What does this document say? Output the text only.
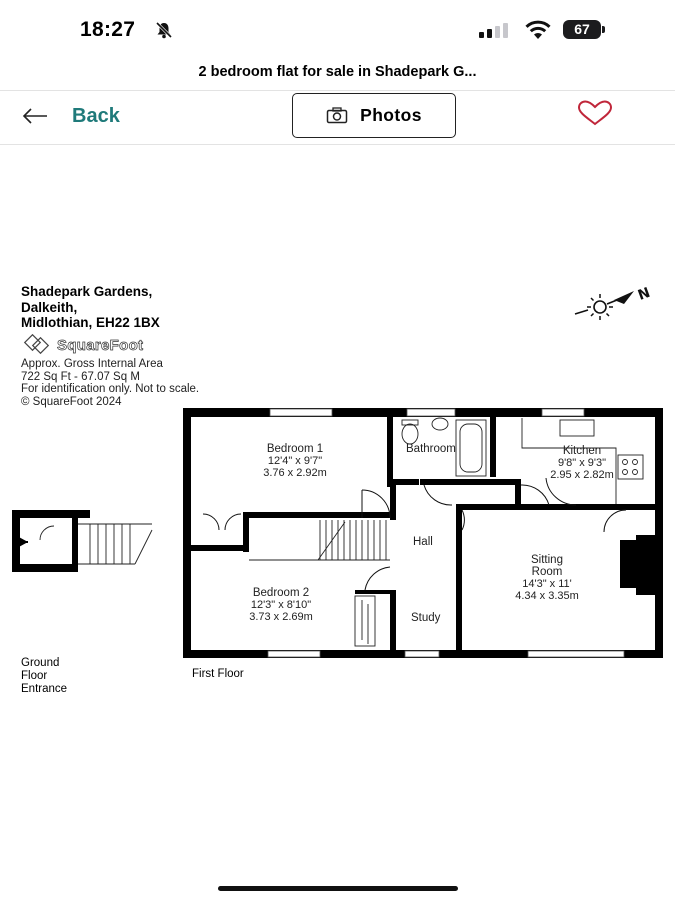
18:27	67
2 bedroom flat for sale in Shadepark G...
Back	Photos
Shadepark Gardens,
Dalkeith,
Midlothian, EH22 1BX
SquareFoot
Approx. Gross Internal Area
722 Sq Ft - 67.07 Sq M
For identification only. Not to scale.
© SquareFoot 2024
N
Bedroom 1
12'4" x 9'7"
3.76 x 2.92m
Kitchen
9'8" x 9'3"
2.95 x 2.82m
Bedroom 2
12'3" x 8'10"
3.73 x 2.69m
Sitting
Room
14'3" x 11'
4.34 x 3.35m
Bathroom
Hall
Study
Ground
Floor
Entrance
First Floor
